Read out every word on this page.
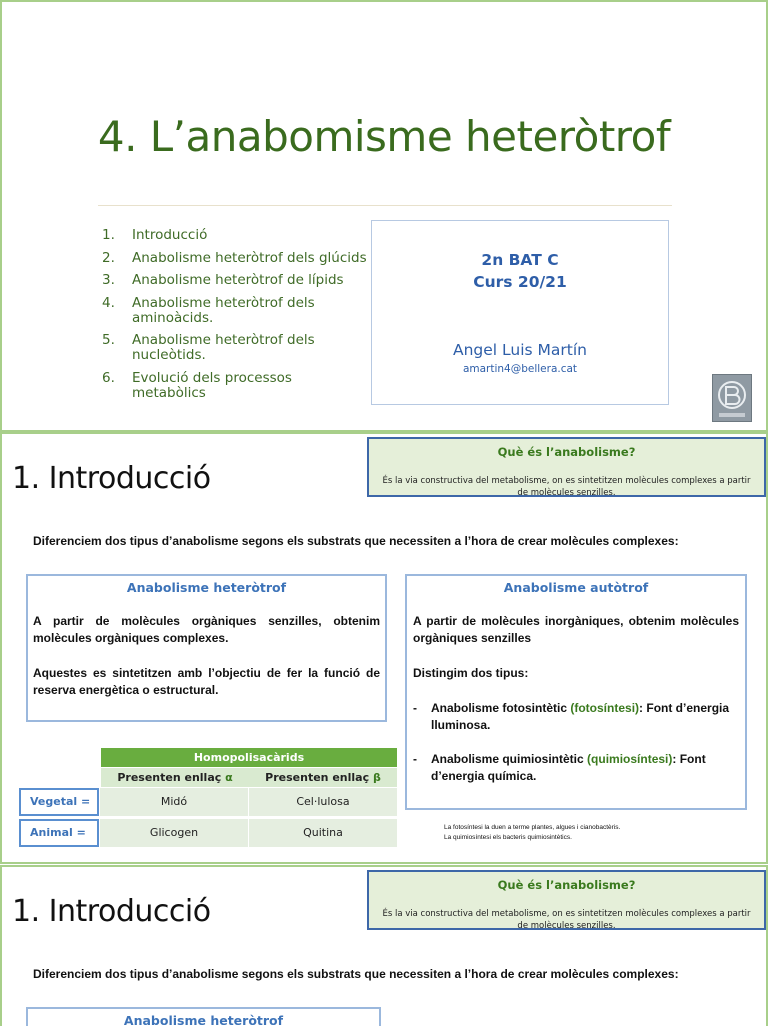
4. L’anabomisme heteròtrof
1.	Introducció
2.	Anabolisme heteròtrof dels glúcids
3.	Anabolisme heteròtrof de lípids
4.	Anabolisme heteròtrof dels aminoàcids.
5.	Anabolisme heteròtrof dels nucleòtids.
6.	Evolució dels processos metabòlics
2n BAT C
Curs 20/21
Angel Luis Martín
amartin4@bellera.cat
1. Introducció
Què és l’anabolisme?
És la via constructiva del metabolisme, on es sintetitzen molècules complexes a partir de molècules senzilles.
Diferenciem dos tipus d’anabolisme segons els substrats que necessiten a l’hora de crear molècules complexes:
Anabolisme heteròtrof

A partir de molècules orgàniques senzilles, obtenim molècules orgàniques complexes.

Aquestes es sintetitzen amb l’objectiu de fer la funció de reserva energètica o estructural.

Anabolisme autòtrof

A partir de molècules inorgàniques, obtenim molècules orgàniques senzilles

Distingim dos tipus:

-	Anabolisme fotosintètic (fotosíntesi): Font d’energia lluminosa.
-	Anabolisme quimiosintètic (quimiosíntesi): Font d’energia química.
Homopolisacàrids
Presenten enllaç α	Presenten enllaç β
Vegetal =	Midó	Cel·lulosa
Animal =	Glicogen	Quitina	La fotosíntesi la duen a terme plantes, algues i cianobactèris.
La quimiosíntesi els bacteris quimiosintètics.
1. Introducció
Què és l’anabolisme?
És la via constructiva del metabolisme, on es sintetitzen molècules complexes a partir de molècules senzilles.
Diferenciem dos tipus d’anabolisme segons els substrats que necessiten a l’hora de crear molècules complexes:
Anabolisme heteròtrof
